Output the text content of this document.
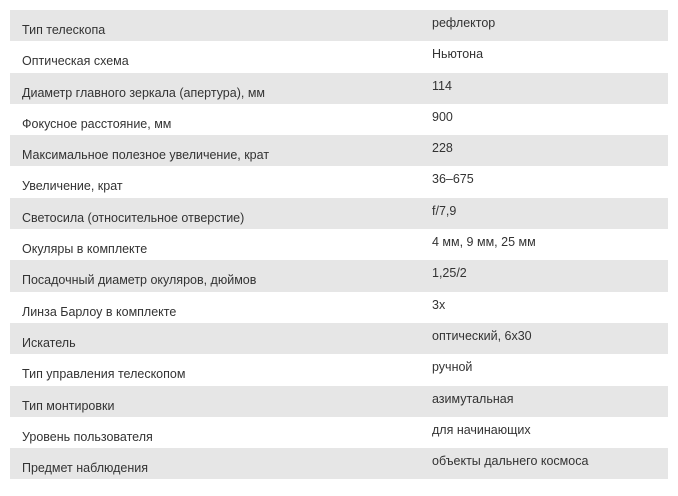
Тип телескопа	рефлектор
Оптическая схема	Ньютона
Диаметр главного зеркала (апертура), мм	114
Фокусное расстояние, мм	900
Максимальное полезное увеличение, крат	228
Увеличение, крат	36–675
Светосила (относительное отверстие)	f/7,9
Окуляры в комплекте	4 мм, 9 мм, 25 мм
Посадочный диаметр окуляров, дюймов	1,25/2
Линза Барлоу в комплекте	3x
Искатель	оптический, 6x30
Тип управления телескопом	ручной
Тип монтировки	азимутальная
Уровень пользователя	для начинающих
Предмет наблюдения	объекты дальнего космоса
